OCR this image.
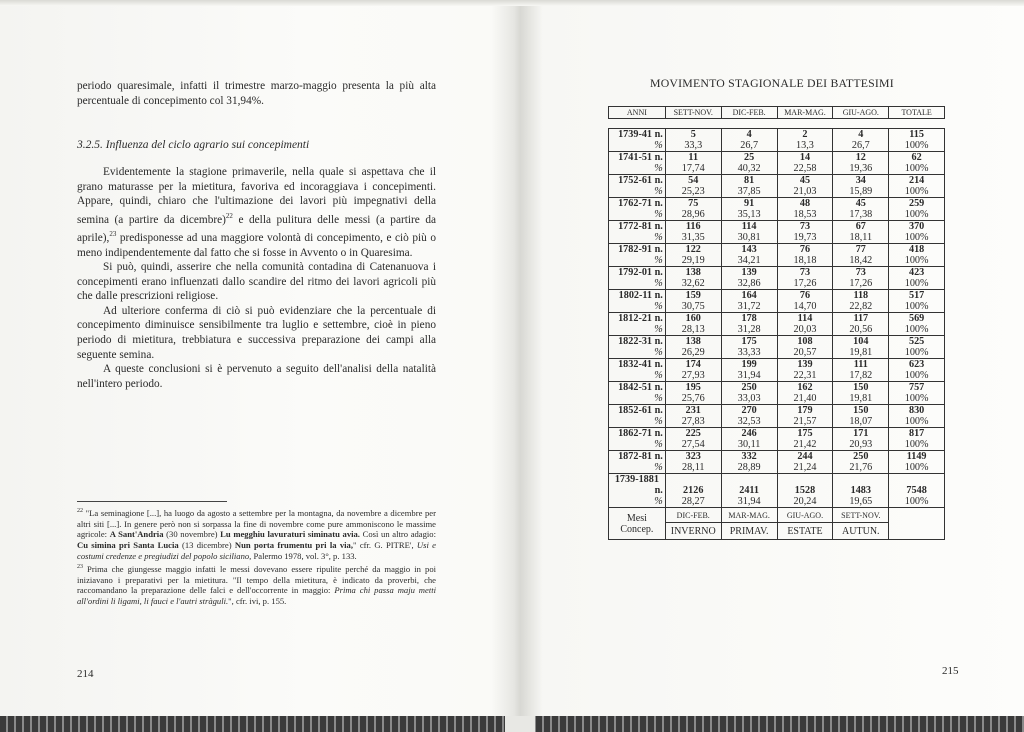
periodo quaresimale, infatti il trimestre marzo-maggio presenta la più alta percentuale di concepimento col 31,94%.

3.2.5. Influenza del ciclo agrario sui concepimenti

Evidentemente la stagione primaverile, nella quale si aspettava che il grano maturasse per la mietitura, favoriva ed incoraggiava i concepimenti. Appare, quindi, chiaro che l'ultimazione dei lavori più impegnativi della semina (a partire da dicembre)$^{22}$ e della pulitura delle messi (a partire da aprile),$^{23}$ predisponesse ad una maggiore volontà di concepimento, e ciò più o meno indipendentemente dal fatto che si fosse in Avvento o in Quaresima.

Si può, quindi, asserire che nella comunità contadina di Catenanuova i concepimenti erano influenzati dallo scandire del ritmo dei lavori agricoli più che dalle prescrizioni religiose.

Ad ulteriore conferma di ciò si può evidenziare che la percentuale di concepimento diminuisce sensibilmente tra luglio e settembre, cioè in pieno periodo di mietitura, trebbiatura e successiva preparazione dei campi alla seguente semina.

A queste conclusioni si è pervenuto a seguito dell'analisi della natalità nell'intero periodo.

$^{22}$ "La seminagione [...], ha luogo da agosto a settembre per la montagna, da novembre a dicembre per altri siti [...]. In genere però non si sorpassa la fine di novembre come pure ammoniscono le massime agricole: A Sant'Andria (30 novembre) Lu megghiu lavuraturi siminatu avia. Così un altro adagio: Cu simina pri Santa Lucia (13 dicembre) Nun porta frumentu pri la via," cfr. G. PITRE', Usi e costumi credenze e pregiudizi del popolo siciliano, Palermo 1978, vol. 3°, p. 133.

$^{23}$ Prima che giungesse maggio infatti le messi dovevano essere ripulite perché da maggio in poi iniziavano i preparativi per la mietitura. "Il tempo della mietitura, è indicato da proverbi, che raccomandano la preparazione delle falci e dell'occorrente in maggio: Prima chi passa maju metti all'ordini li ligami, li fauci e l'autri stràguli.", cfr. ivi, p. 155.

214
MOVIMENTO STAGIONALE DEI BATTESIMI
ANNI	SETT-NOV.	DIC-FEB.	MAR-MAG.	GIU-AGO.	TOTALE

1739-41 n.	5	4	2	4	115
%	33,3	26,7	13,3	26,7	100%
1741-51 n.	11	25	14	12	62
%	17,74	40,32	22,58	19,36	100%
1752-61 n.	54	81	45	34	214
%	25,23	37,85	21,03	15,89	100%
1762-71 n.	75	91	48	45	259
%	28,96	35,13	18,53	17,38	100%
1772-81 n.	116	114	73	67	370
%	31,35	30,81	19,73	18,11	100%
1782-91 n.	122	143	76	77	418
%	29,19	34,21	18,18	18,42	100%
1792-01 n.	138	139	73	73	423
%	32,62	32,86	17,26	17,26	100%
1802-11 n.	159	164	76	118	517
%	30,75	31,72	14,70	22,82	100%
1812-21 n.	160	178	114	117	569
%	28,13	31,28	20,03	20,56	100%
1822-31 n.	138	175	108	104	525
%	26,29	33,33	20,57	19,81	100%
1832-41 n.	174	199	139	111	623
%	27,93	31,94	22,31	17,82	100%
1842-51 n.	195	250	162	150	757
%	25,76	33,03	21,40	19,81	100%
1852-61 n.	231	270	179	150	830
%	27,83	32,53	21,57	18,07	100%
1862-71 n.	225	246	175	171	817
%	27,54	30,11	21,42	20,93	100%
1872-81 n.	323	332	244	250	1149
%	28,11	28,89	21,24	21,76	100%
1739-1881					
n.	2126	2411	1528	1483	7548
%	28,27	31,94	20,24	19,65	100%

Mesi
Concep.	DIC-FEB.	MAR-MAG.	GIU-AGO.	SETT-NOV.	
	INVERNO	PRIMAV.	ESTATE	AUTUN.	
215
